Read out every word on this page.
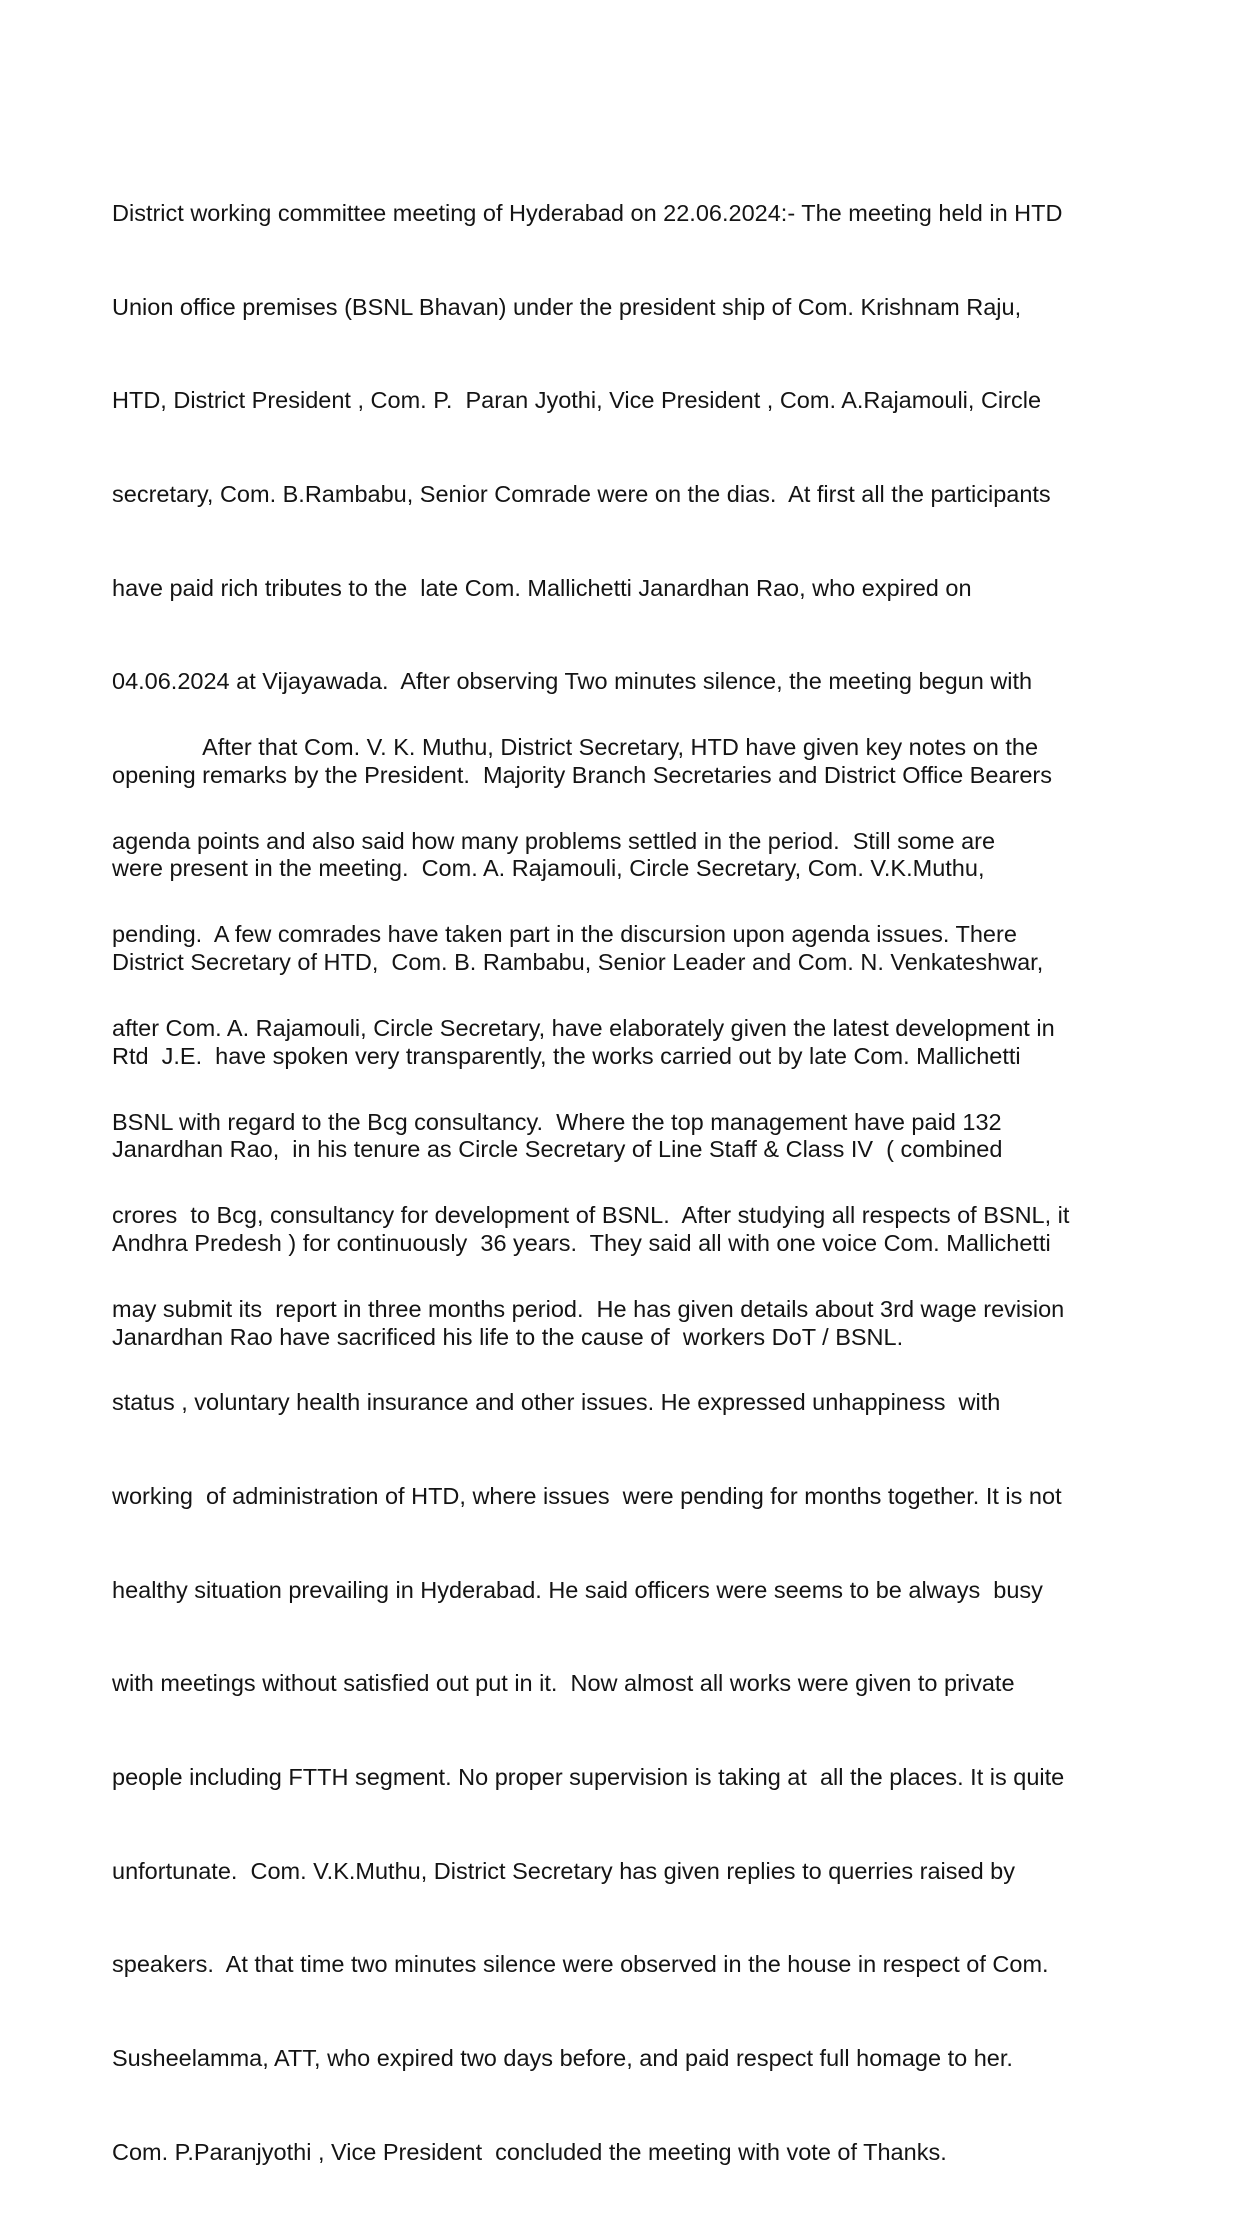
District working committee meeting of Hyderabad on 22.06.2024:- The meeting held in HTD

Union office premises (BSNL Bhavan) under the president ship of Com. Krishnam Raju,

HTD, District President , Com. P.  Paran Jyothi, Vice President , Com. A.Rajamouli, Circle

secretary, Com. B.Rambabu, Senior Comrade were on the dias.  At first all the participants

have paid rich tributes to the  late Com. Mallichetti Janardhan Rao, who expired on

04.06.2024 at Vijayawada.  After observing Two minutes silence, the meeting begun with

opening remarks by the President.  Majority Branch Secretaries and District Office Bearers

were present in the meeting.  Com. A. Rajamouli, Circle Secretary, Com. V.K.Muthu,

District Secretary of HTD,  Com. B. Rambabu, Senior Leader and Com. N. Venkateshwar,

Rtd  J.E.  have spoken very transparently, the works carried out by late Com. Mallichetti

Janardhan Rao,  in his tenure as Circle Secretary of Line Staff & Class IV  ( combined

Andhra Predesh ) for continuously  36 years.  They said all with one voice Com. Mallichetti

Janardhan Rao have sacrificed his life to the cause of  workers DoT / BSNL.

After that Com. V. K. Muthu, District Secretary, HTD have given key notes on the

agenda points and also said how many problems settled in the period.  Still some are

pending.  A few comrades have taken part in the discursion upon agenda issues. There

after Com. A. Rajamouli, Circle Secretary, have elaborately given the latest development in

BSNL with regard to the Bcg consultancy.  Where the top management have paid 132

crores  to Bcg, consultancy for development of BSNL.  After studying all respects of BSNL, it

may submit its  report in three months period.  He has given details about 3rd wage revision

status , voluntary health insurance and other issues. He expressed unhappiness  with

working  of administration of HTD, where issues  were pending for months together. It is not

healthy situation prevailing in Hyderabad. He said officers were seems to be always  busy

with meetings without satisfied out put in it.  Now almost all works were given to private

people including FTTH segment. No proper supervision is taking at  all the places. It is quite

unfortunate.  Com. V.K.Muthu, District Secretary has given replies to querries raised by

speakers.  At that time two minutes silence were observed in the house in respect of Com.

Susheelamma, ATT, who expired two days before, and paid respect full homage to her.

Com. P.Paranjyothi , Vice President  concluded the meeting with vote of Thanks.
